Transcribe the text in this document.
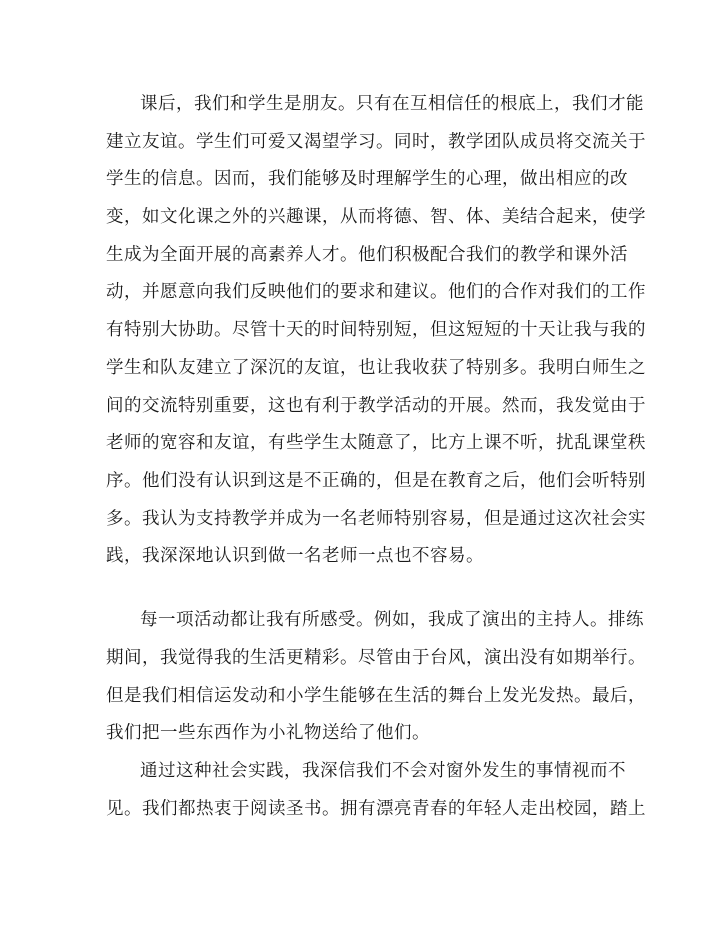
课后，我们和学生是朋友。只有在互相信任的根底上，我们才能
建立友谊。学生们可爱又渴望学习。同时，教学团队成员将交流关于
学生的信息。因而，我们能够及时理解学生的心理，做出相应的改
变，如文化课之外的兴趣课，从而将德、智、体、美结合起来，使学
生成为全面开展的高素养人才。他们积极配合我们的教学和课外活
动，并愿意向我们反映他们的要求和建议。他们的合作对我们的工作
有特别大协助。尽管十天的时间特别短，但这短短的十天让我与我的
学生和队友建立了深沉的友谊，也让我收获了特别多。我明白师生之
间的交流特别重要，这也有利于教学活动的开展。然而，我发觉由于
老师的宽容和友谊，有些学生太随意了，比方上课不听，扰乱课堂秩
序。他们没有认识到这是不正确的，但是在教育之后，他们会听特别
多。我认为支持教学并成为一名老师特别容易，但是通过这次社会实
践，我深深地认识到做一名老师一点也不容易。
每一项活动都让我有所感受。例如，我成了演出的主持人。排练
期间，我觉得我的生活更精彩。尽管由于台风，演出没有如期举行。
但是我们相信运发动和小学生能够在生活的舞台上发光发热。最后，
我们把一些东西作为小礼物送给了他们。
通过这种社会实践，我深信我们不会对窗外发生的事情视而不
见。我们都热衷于阅读圣书。拥有漂亮青春的年轻人走出校园，踏上
